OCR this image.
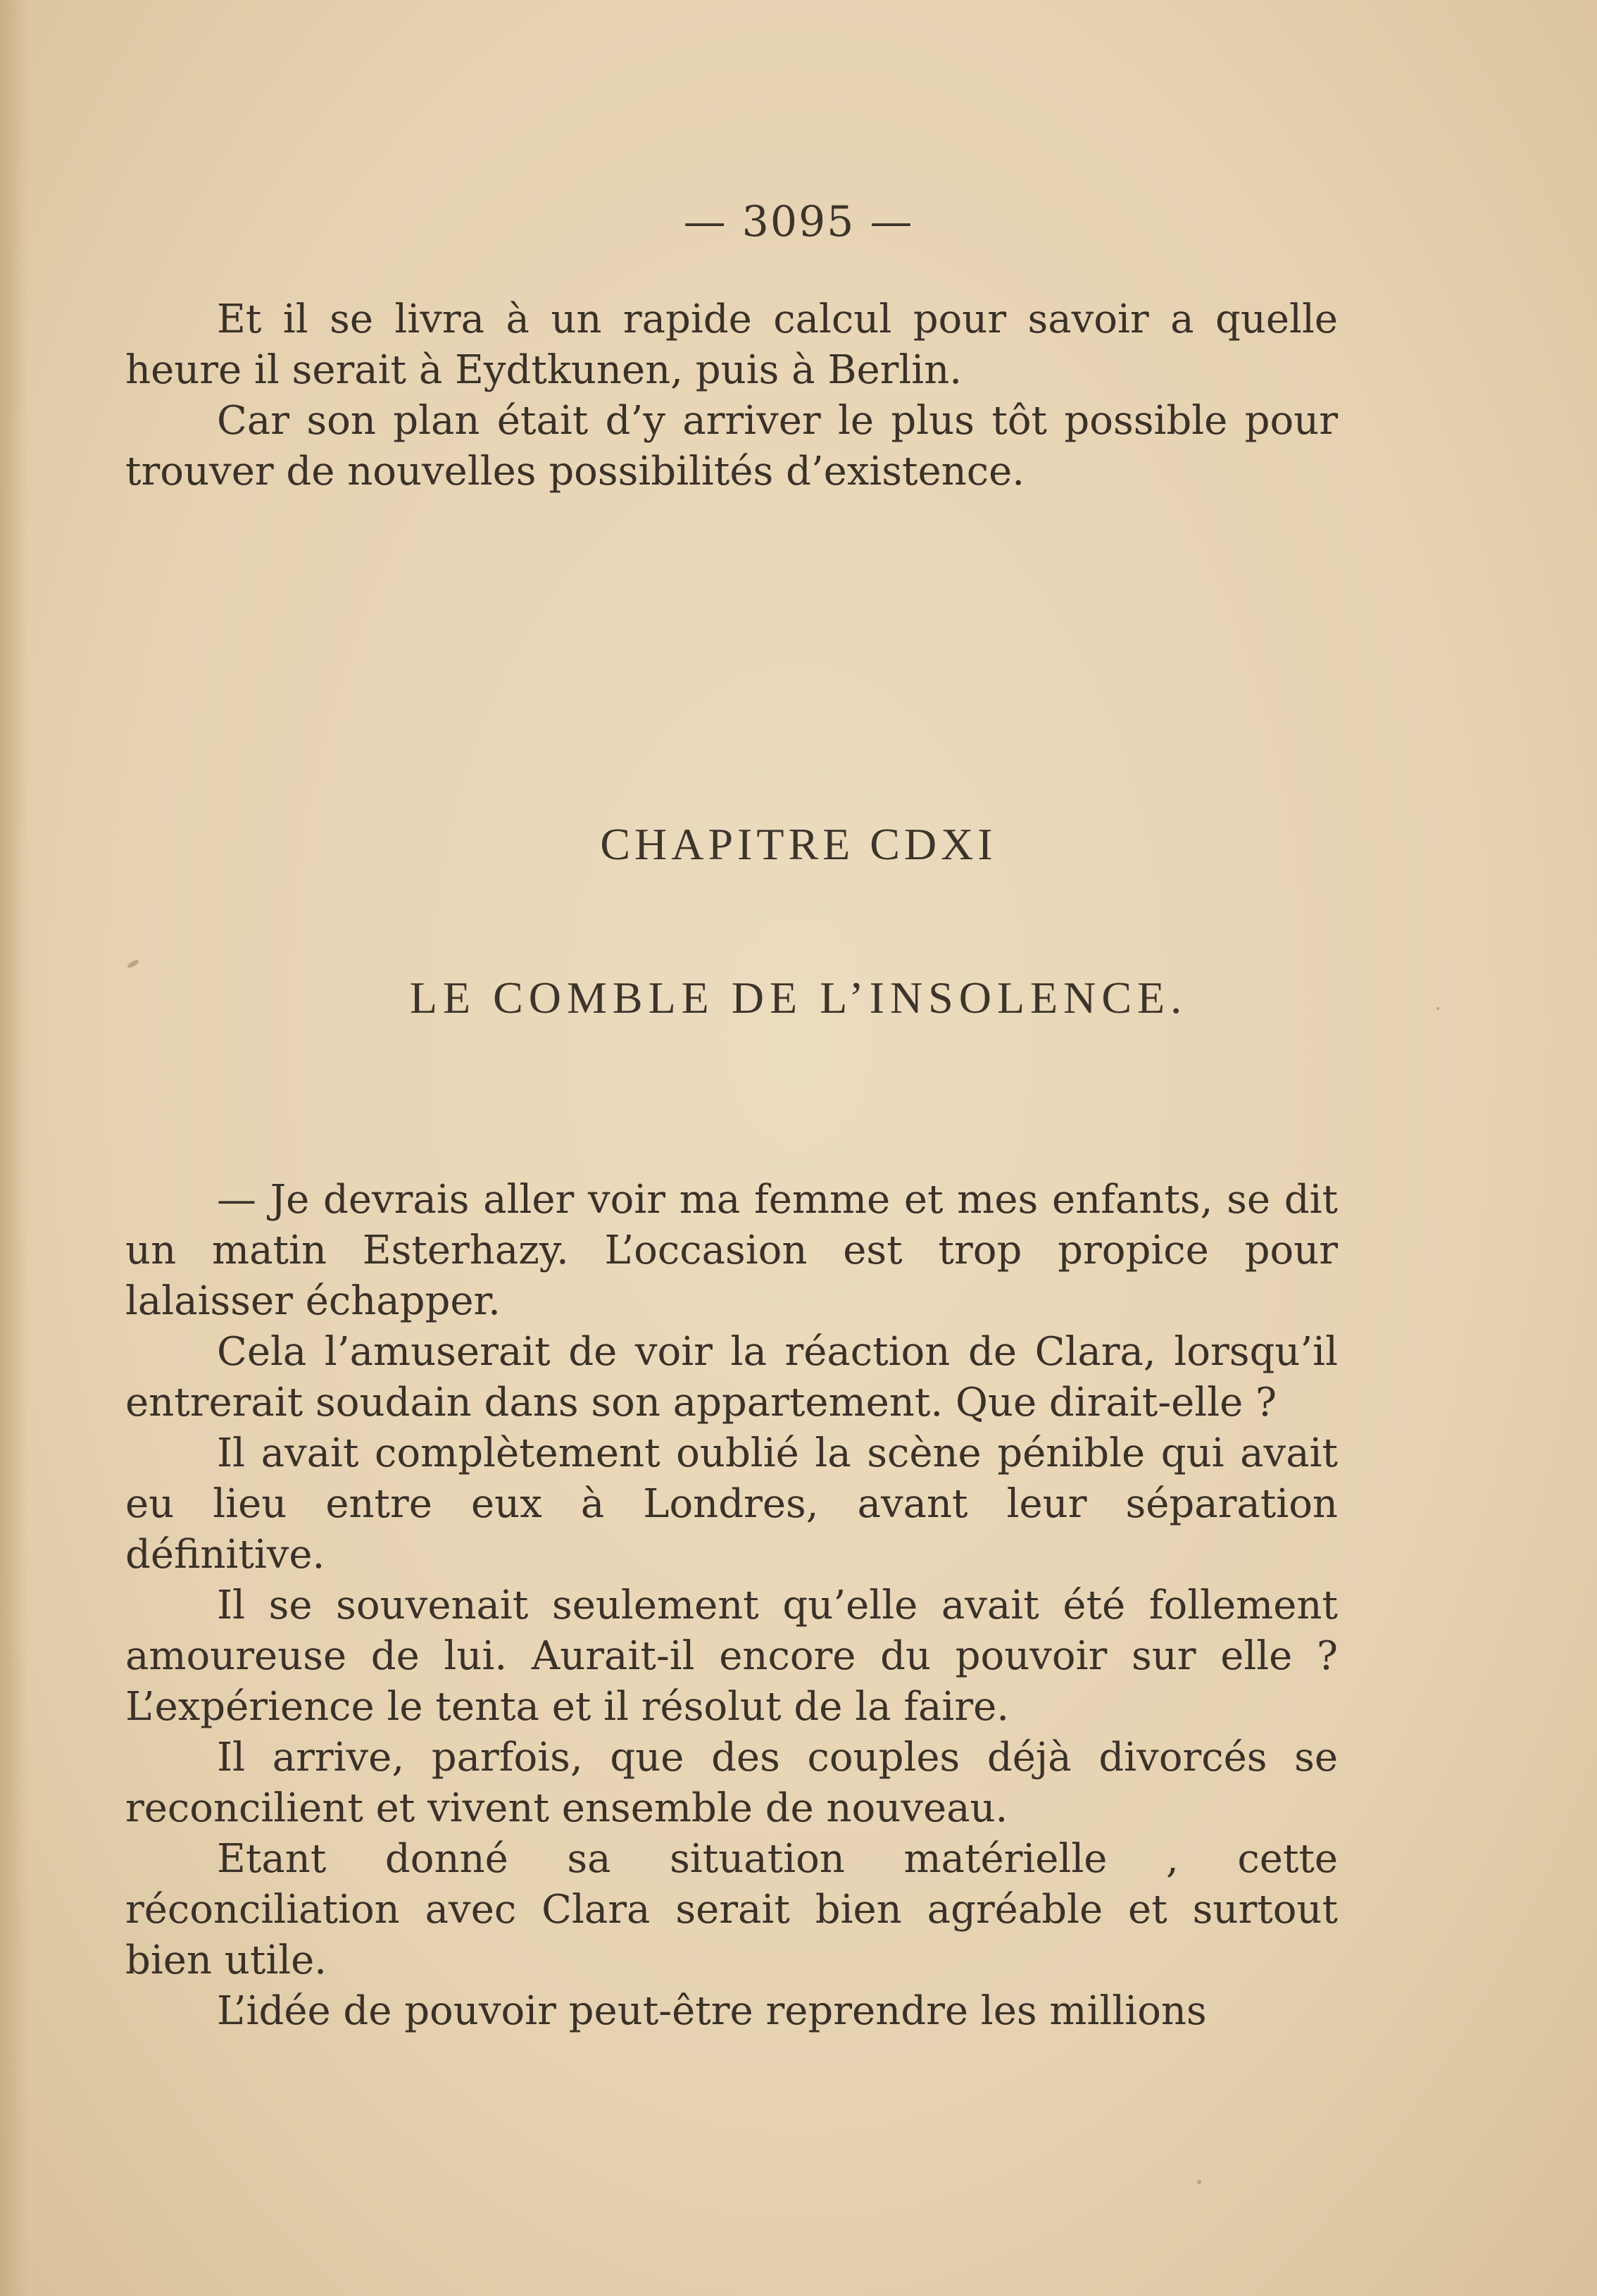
— 3095 —

Et il se livra à un rapide calcul pour savoir a quelle heure il serait à Eydtkunen, puis à Berlin.

Car son plan était d’y arriver le plus tôt possible pour trouver de nouvelles possibilités d’existence.

CHAPITRE CDXI
LE COMBLE DE L’INSOLENCE.

— Je devrais aller voir ma femme et mes enfants, se dit un matin Esterhazy. L’occasion est trop propice pour lalaisser échapper.

Cela l’amuserait de voir la réaction de Clara, lorsqu’il entrerait soudain dans son appartement. Que dirait-elle ?

Il avait complètement oublié la scène pénible qui avait eu lieu entre eux à Londres, avant leur séparation définitive.

Il se souvenait seulement qu’elle avait été follement amoureuse de lui. Aurait-il encore du pouvoir sur elle ? L’expérience le tenta et il résolut de la faire.

Il arrive, parfois, que des couples déjà divorcés se reconcilient et vivent ensemble de nouveau.

Etant donné sa situation matérielle , cette réconciliation avec Clara serait bien agréable et surtout bien utile.

L’idée de pouvoir peut-être reprendre les millions
